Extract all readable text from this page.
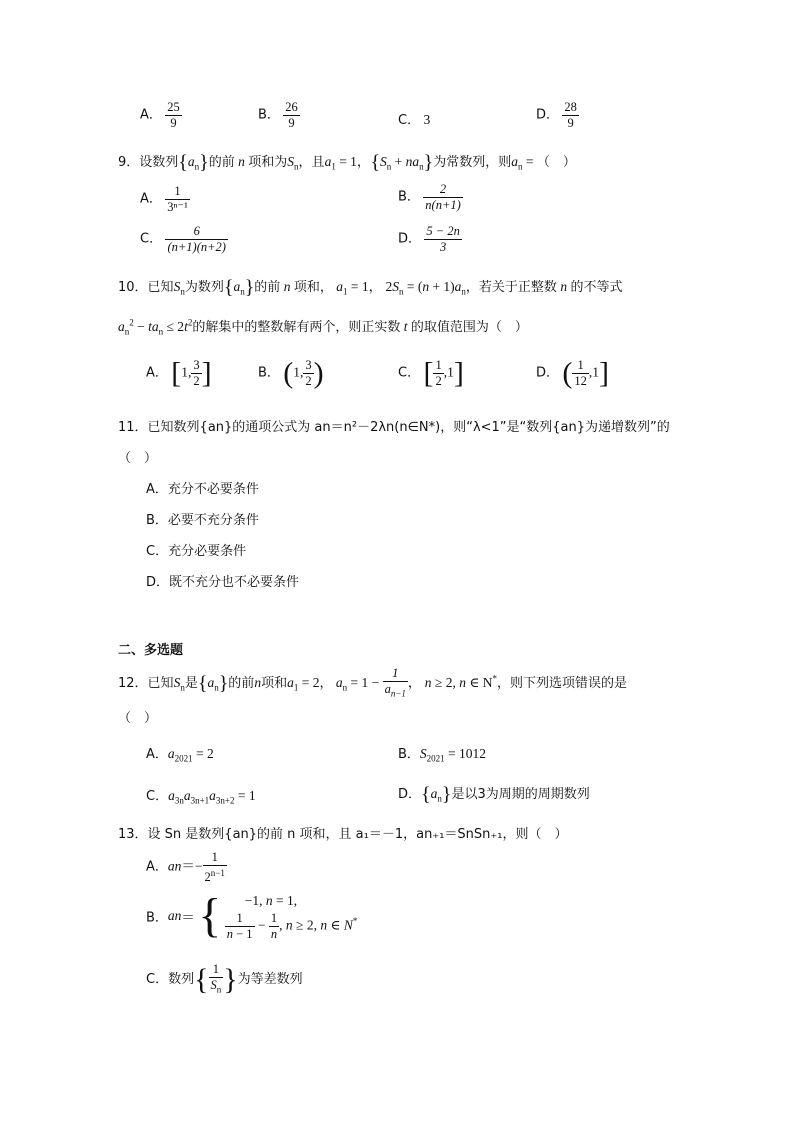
A． $\frac{25}{9}$	B． $\frac{26}{9}$	C． 3	D． $\frac{28}{9}$
9．设数列$\{a_n\}$的前 n 项和为$S_n$，且$a_1 = 1$，$\{S_n + na_n\}$为常数列，则$a_n$ = （　）
A． $\frac{1}{\text{3ⁿ⁻¹}}$	B． $\frac{2}{n(n+1)}$
C． $\frac{6}{(n+1)(n+2)}$	D． $\frac{5 - 2n}{3}$
10．已知$S_n$为数列$\{a_n\}$的前 n 项和， $a_1 = 1$， $2S_n = (n + 1)a_n$，若关于正整数 n 的不等式
$a_n^2 - ta_n \le 2t^2$的解集中的整数解有两个，则正实数 t 的取值范围为（　）
A． [1, $\frac{3}{2}$ ]	B． (1, $\frac{3}{2}$ )	C． [ $\frac{1}{2} ,1$]	D． ( $\frac{1}{12} ,1$]
11．已知数列{an}的通项公式为 an＝n²－2λn(n∈N*)，则“λ<1”是“数列{an}为递增数列”的
（　）
A．充分不必要条件
B．必要不充分条件
C．充分必要条件
D．既不充分也不必要条件
二、多选题
12．已知$S_n$是$\{a_n\}$的前n项和$a_1 = 2$， $a_n = 1 - \frac{1}{a_{n-1}}$ ， n ≥ 2, n ∈ N*，则下列选项错误的是
（　）
A．$a_{2021} = 2$	B．$S_{2021} = 1012$
C．$a_{3n}a_{3n+1}a_{3n+2} = 1$	D．$\{a_n\}$是以3为周期的周期数列
13．设 Sn 是数列{an}的前 n 项和，且 a₁＝－1，an₊₁＝SnSn₊₁，则（　）
A．$an=- \frac{1}{2^{n-1}}$
B．an＝ {	−1, n = 1,
$\frac{1}{n - 1} - \frac{1}{n}$ , n ≥ 2, n ∈ N*
C．数列{ $\frac{1}{S_n}$ }为等差数列
